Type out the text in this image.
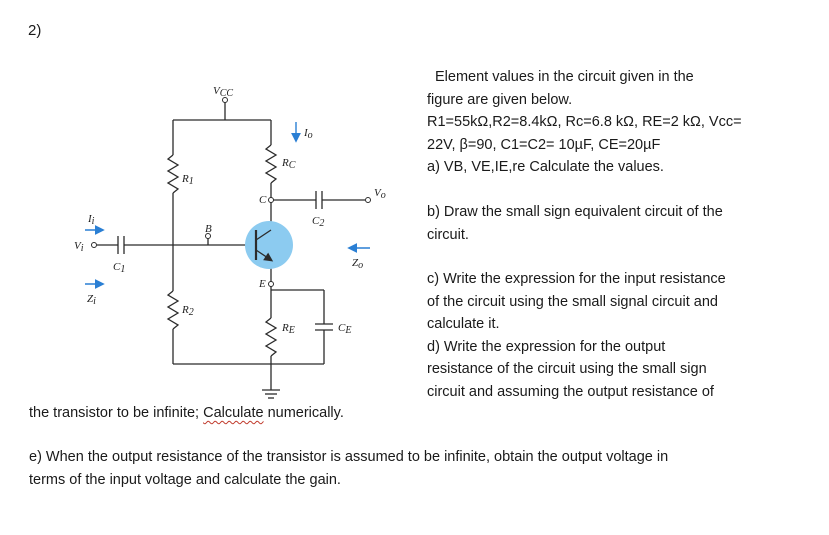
2)
VCC
RC
R1
R2
RE	CE
C1
C2
B
C
E
Vi
Vo
Ii
Io
Zi
Zo
Element values in the circuit given in the
figure are given below.
R1=55kΩ,R2=8.4kΩ, Rc=6.8 kΩ, RE=2 kΩ, Vcc=
22V, β=90, C1=C2= 10µF, CE=20µF
a) VB, VE,IE,re Calculate the values.
b) Draw the small sign equivalent circuit of the
circuit.
c) Write the expression for the input resistance
of the circuit using the small signal circuit and
calculate it.
d) Write the expression for the output
resistance of the circuit using the small sign
circuit and assuming the output resistance of
the transistor to be infinite; Calculate numerically.
e) When the output resistance of the transistor is assumed to be infinite, obtain the output voltage in
terms of the input voltage and calculate the gain.
